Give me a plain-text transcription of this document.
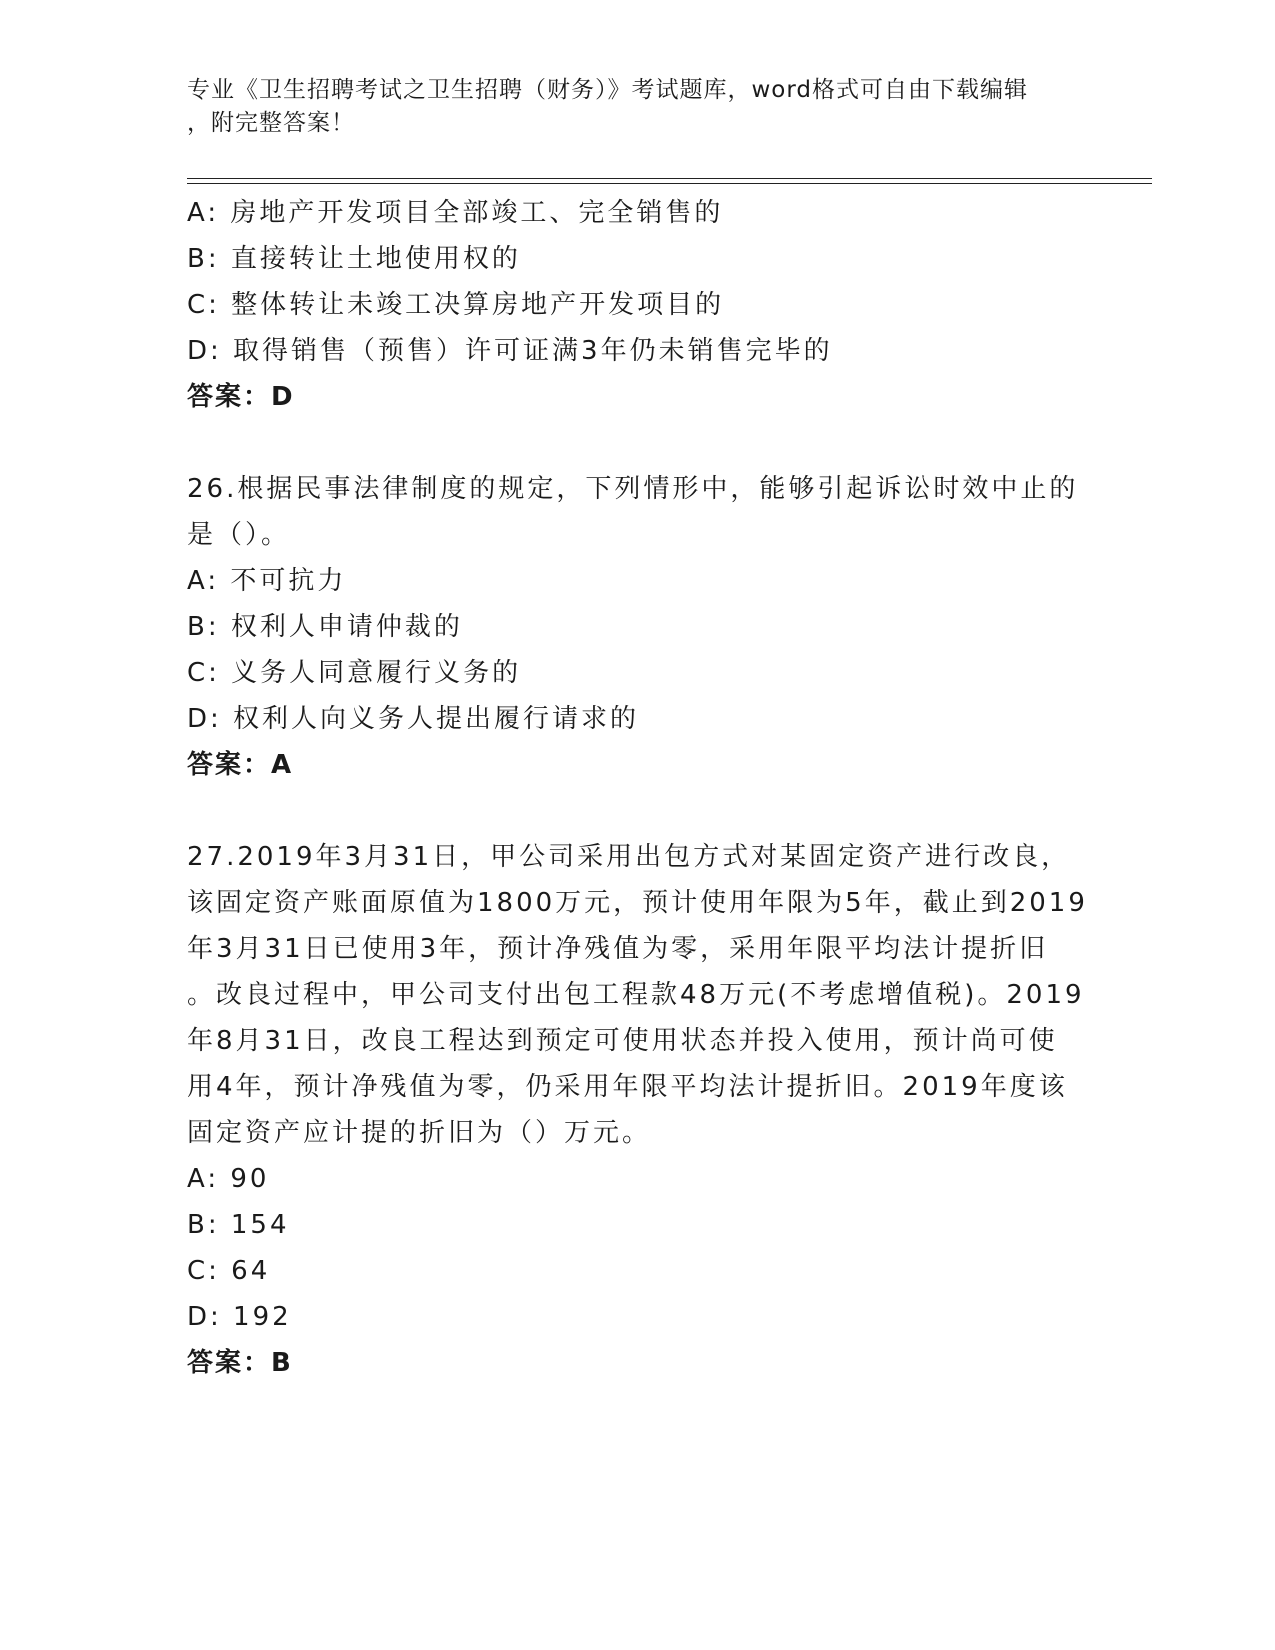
专业《卫生招聘考试之卫生招聘（财务）》考试题库，word格式可自由下载编辑
，附完整答案！
A: 房地产开发项目全部竣工、完全销售的
B: 直接转让土地使用权的
C: 整体转让未竣工决算房地产开发项目的
D: 取得销售（预售）许可证满3年仍未销售完毕的
答案：D
26.根据民事法律制度的规定，下列情形中，能够引起诉讼时效中止的
是（）。
A: 不可抗力
B: 权利人申请仲裁的
C: 义务人同意履行义务的
D: 权利人向义务人提出履行请求的
答案：A
27.2019年3月31日，甲公司采用出包方式对某固定资产进行改良，
该固定资产账面原值为1800万元，预计使用年限为5年，截止到2019
年3月31日已使用3年，预计净残值为零，采用年限平均法计提折旧
。改良过程中，甲公司支付出包工程款48万元(不考虑增值税)。2019
年8月31日，改良工程达到预定可使用状态并投入使用，预计尚可使
用4年，预计净残值为零，仍采用年限平均法计提折旧。2019年度该
固定资产应计提的折旧为（）万元。
A: 90
B: 154
C: 64
D: 192
答案：B
